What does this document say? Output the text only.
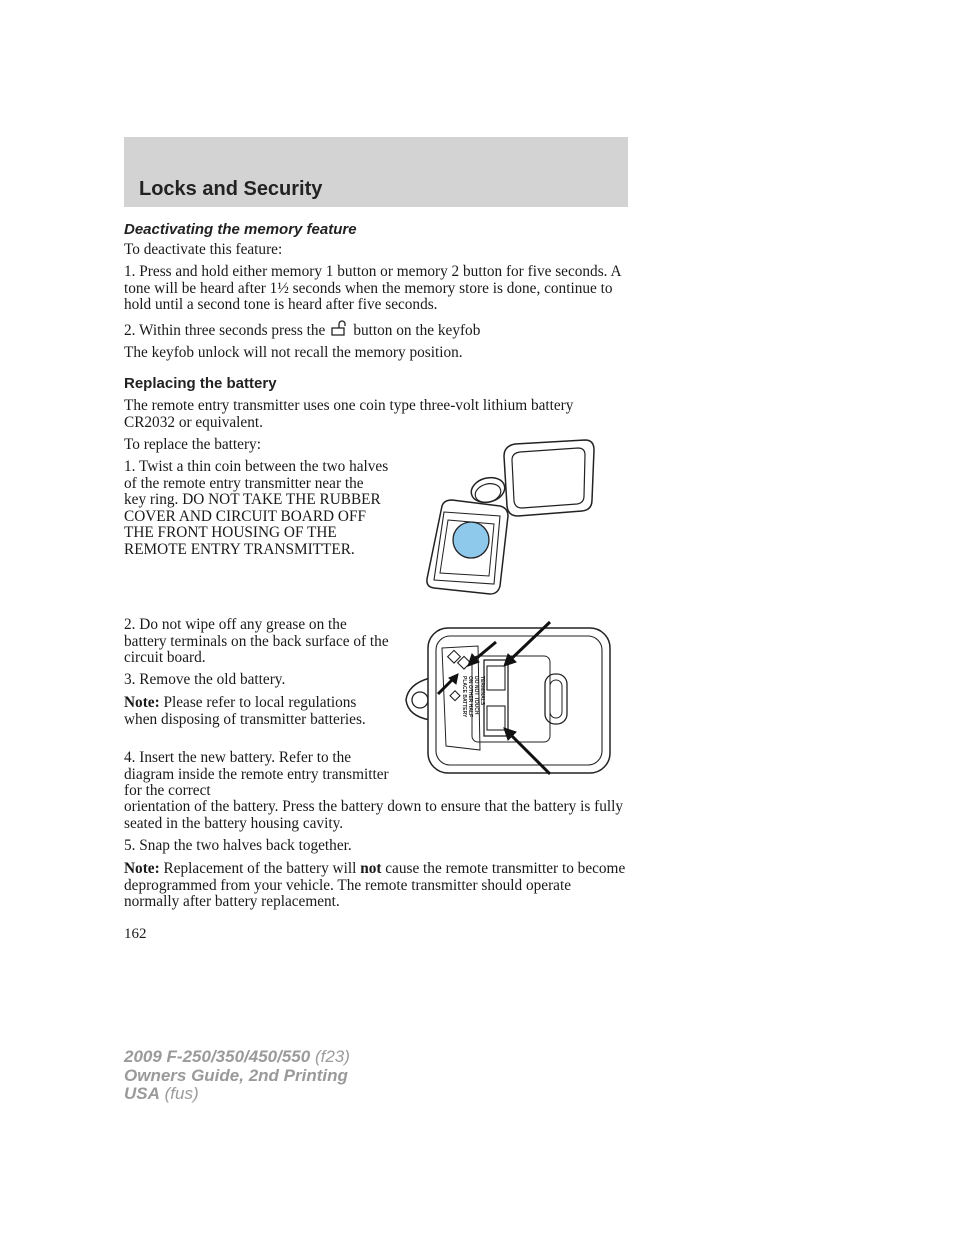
Locks and Security
Deactivating the memory feature

To deactivate this feature:

1. Press and hold either memory 1 button or memory 2 button for five seconds. A tone will be heard after 1½ seconds when the memory store is done, continue to hold until a second tone is heard after five seconds.

2. Within three seconds press the button on the keyfob

The keyfob unlock will not recall the memory position.

Replacing the battery

The remote entry transmitter uses one coin type three-volt lithium battery CR2032 or equivalent.

To replace the battery:

1. Twist a thin coin between the two halves of the remote entry transmitter near the key ring. DO NOT TAKE THE RUBBER COVER AND CIRCUIT BOARD OFF THE FRONT HOUSING OF THE REMOTE ENTRY TRANSMITTER.

2. Do not wipe off any grease on the battery terminals on the back surface of the circuit board.

3. Remove the old battery.

Note: Please refer to local regulations when disposing of transmitter batteries.

4. Insert the new battery. Refer to the diagram inside the remote entry transmitter for the correct

orientation of the battery. Press the battery down to ensure that the battery is fully seated in the battery housing cavity.

5. Snap the two halves back together.

Note: Replacement of the battery will not cause the remote transmitter to become deprogrammed from your vehicle. The remote transmitter should operate normally after battery replacement.

PLACE BATTERY ON OTHER HALF DO NOT TOUCH TERMINALS
162
2009 F-250/350/450/550 (f23)
Owners Guide, 2nd Printing
USA (fus)
